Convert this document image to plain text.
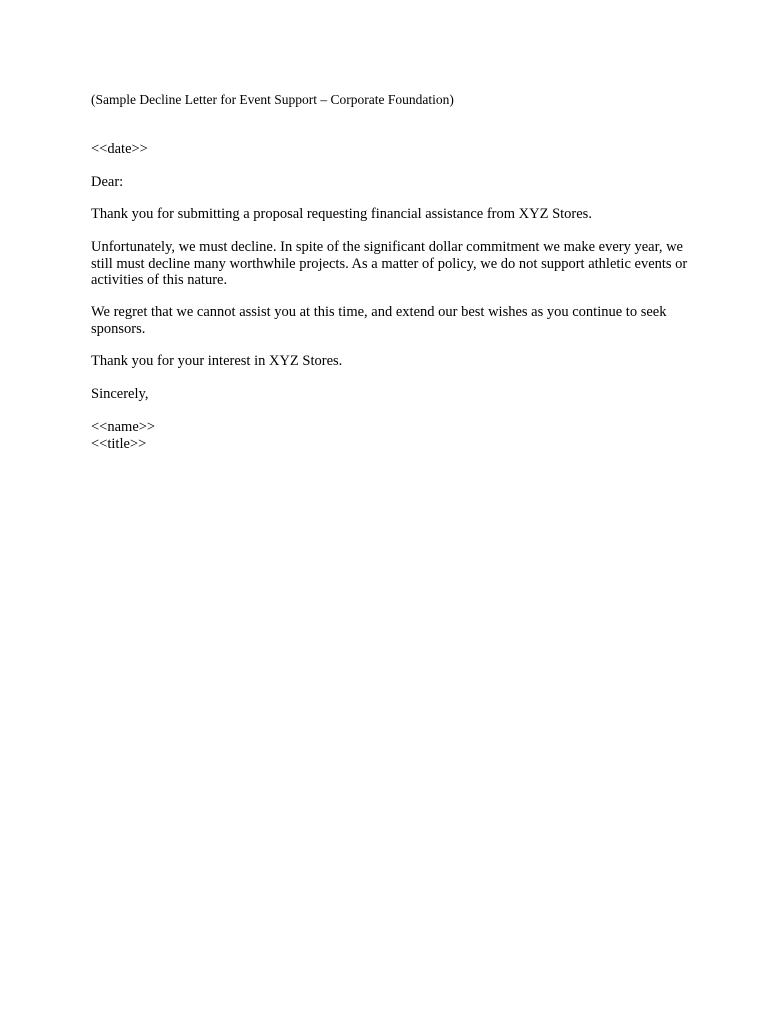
(Sample Decline Letter for Event Support – Corporate Foundation)

<<date>>

Dear:

Thank you for submitting a proposal requesting financial assistance from XYZ Stores.

Unfortunately, we must decline. In spite of the significant dollar commitment we make every year, we
still must decline many worthwhile projects. As a matter of policy, we do not support athletic events or
activities of this nature.

We regret that we cannot assist you at this time, and extend our best wishes as you continue to seek
sponsors.

Thank you for your interest in XYZ Stores.

Sincerely,

<<name>>
<<title>>
